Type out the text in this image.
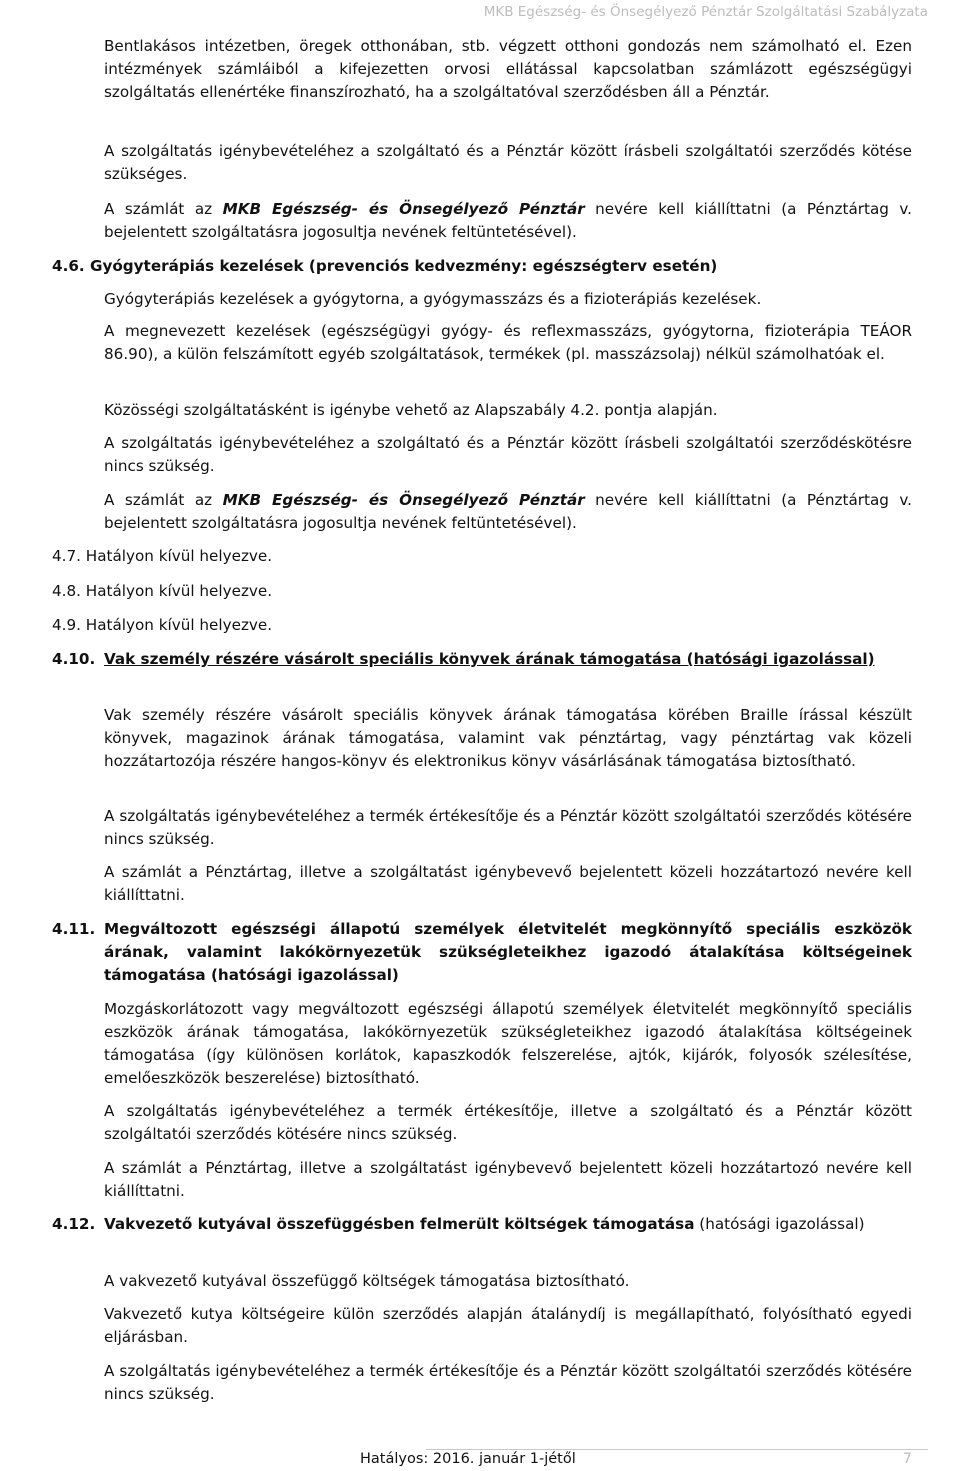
MKB Egészség- és Önsegélyező Pénztár Szolgáltatási Szabályzata

Bentlakásos intézetben, öregek otthonában, stb. végzett otthoni gondozás nem számolható el. Ezen intézmények számláiból a kifejezetten orvosi ellátással kapcsolatban számlázott egészségügyi szolgáltatás ellenértéke finanszírozható, ha a szolgáltatóval szerződésben áll a Pénztár.

A szolgáltatás igénybevételéhez a szolgáltató és a Pénztár között írásbeli szolgáltatói szerződés kötése szükséges.

A számlát az MKB Egészség- és Önsegélyező Pénztár nevére kell kiállíttatni (a Pénztártag v. bejelentett szolgáltatásra jogosultja nevének feltüntetésével).

4.6. Gyógyterápiás kezelések (prevenciós kedvezmény: egészségterv esetén)

Gyógyterápiás kezelések a gyógytorna, a gyógymasszázs és a fizioterápiás kezelések.

A megnevezett kezelések (egészségügyi gyógy- és reflexmasszázs, gyógytorna, fizioterápia TEÁOR 86.90), a külön felszámított egyéb szolgáltatások, termékek (pl. masszázsolaj) nélkül számolhatóak el.

Közösségi szolgáltatásként is igénybe vehető az Alapszabály 4.2. pontja alapján.

A szolgáltatás igénybevételéhez a szolgáltató és a Pénztár között írásbeli szolgáltatói szerződéskötésre nincs szükség.

A számlát az MKB Egészség- és Önsegélyező Pénztár nevére kell kiállíttatni (a Pénztártag v. bejelentett szolgáltatásra jogosultja nevének feltüntetésével).

4.7. Hatályon kívül helyezve.
4.8. Hatályon kívül helyezve.
4.9. Hatályon kívül helyezve.
4.10. Vak személy részére vásárolt speciális könyvek árának támogatása (hatósági igazolással)

Vak személy részére vásárolt speciális könyvek árának támogatása körében Braille írással készült könyvek, magazinok árának támogatása, valamint vak pénztártag, vagy pénztártag vak közeli hozzátartozója részére hangos-könyv és elektronikus könyv vásárlásának támogatása biztosítható.

A szolgáltatás igénybevételéhez a termék értékesítője és a Pénztár között szolgáltatói szerződés kötésére nincs szükség.

A számlát a Pénztártag, illetve a szolgáltatást igénybevevő bejelentett közeli hozzátartozó nevére kell kiállíttatni.

4.11. Megváltozott egészségi állapotú személyek életvitelét megkönnyítő speciális eszközök árának, valamint lakókörnyezetük szükségleteikhez igazodó átalakítása költségeinek támogatása (hatósági igazolással)

Mozgáskorlátozott vagy megváltozott egészségi állapotú személyek életvitelét megkönnyítő speciális eszközök árának támogatása, lakókörnyezetük szükségleteikhez igazodó átalakítása költségeinek támogatása (így különösen korlátok, kapaszkodók felszerelése, ajtók, kijárók, folyosók szélesítése, emelőeszközök beszerelése) biztosítható.

A szolgáltatás igénybevételéhez a termék értékesítője, illetve a szolgáltató és a Pénztár között szolgáltatói szerződés kötésére nincs szükség.

A számlát a Pénztártag, illetve a szolgáltatást igénybevevő bejelentett közeli hozzátartozó nevére kell kiállíttatni.

4.12. Vakvezető kutyával összefüggésben felmerült költségek támogatása (hatósági igazolással)

A vakvezető kutyával összefüggő költségek támogatása biztosítható.

Vakvezető kutya költségeire külön szerződés alapján átalánydíj is megállapítható, folyósítható egyedi eljárásban.

A szolgáltatás igénybevételéhez a termék értékesítője és a Pénztár között szolgáltatói szerződés kötésére nincs szükség.

Hatályos: 2016. január 1-jétől	7
